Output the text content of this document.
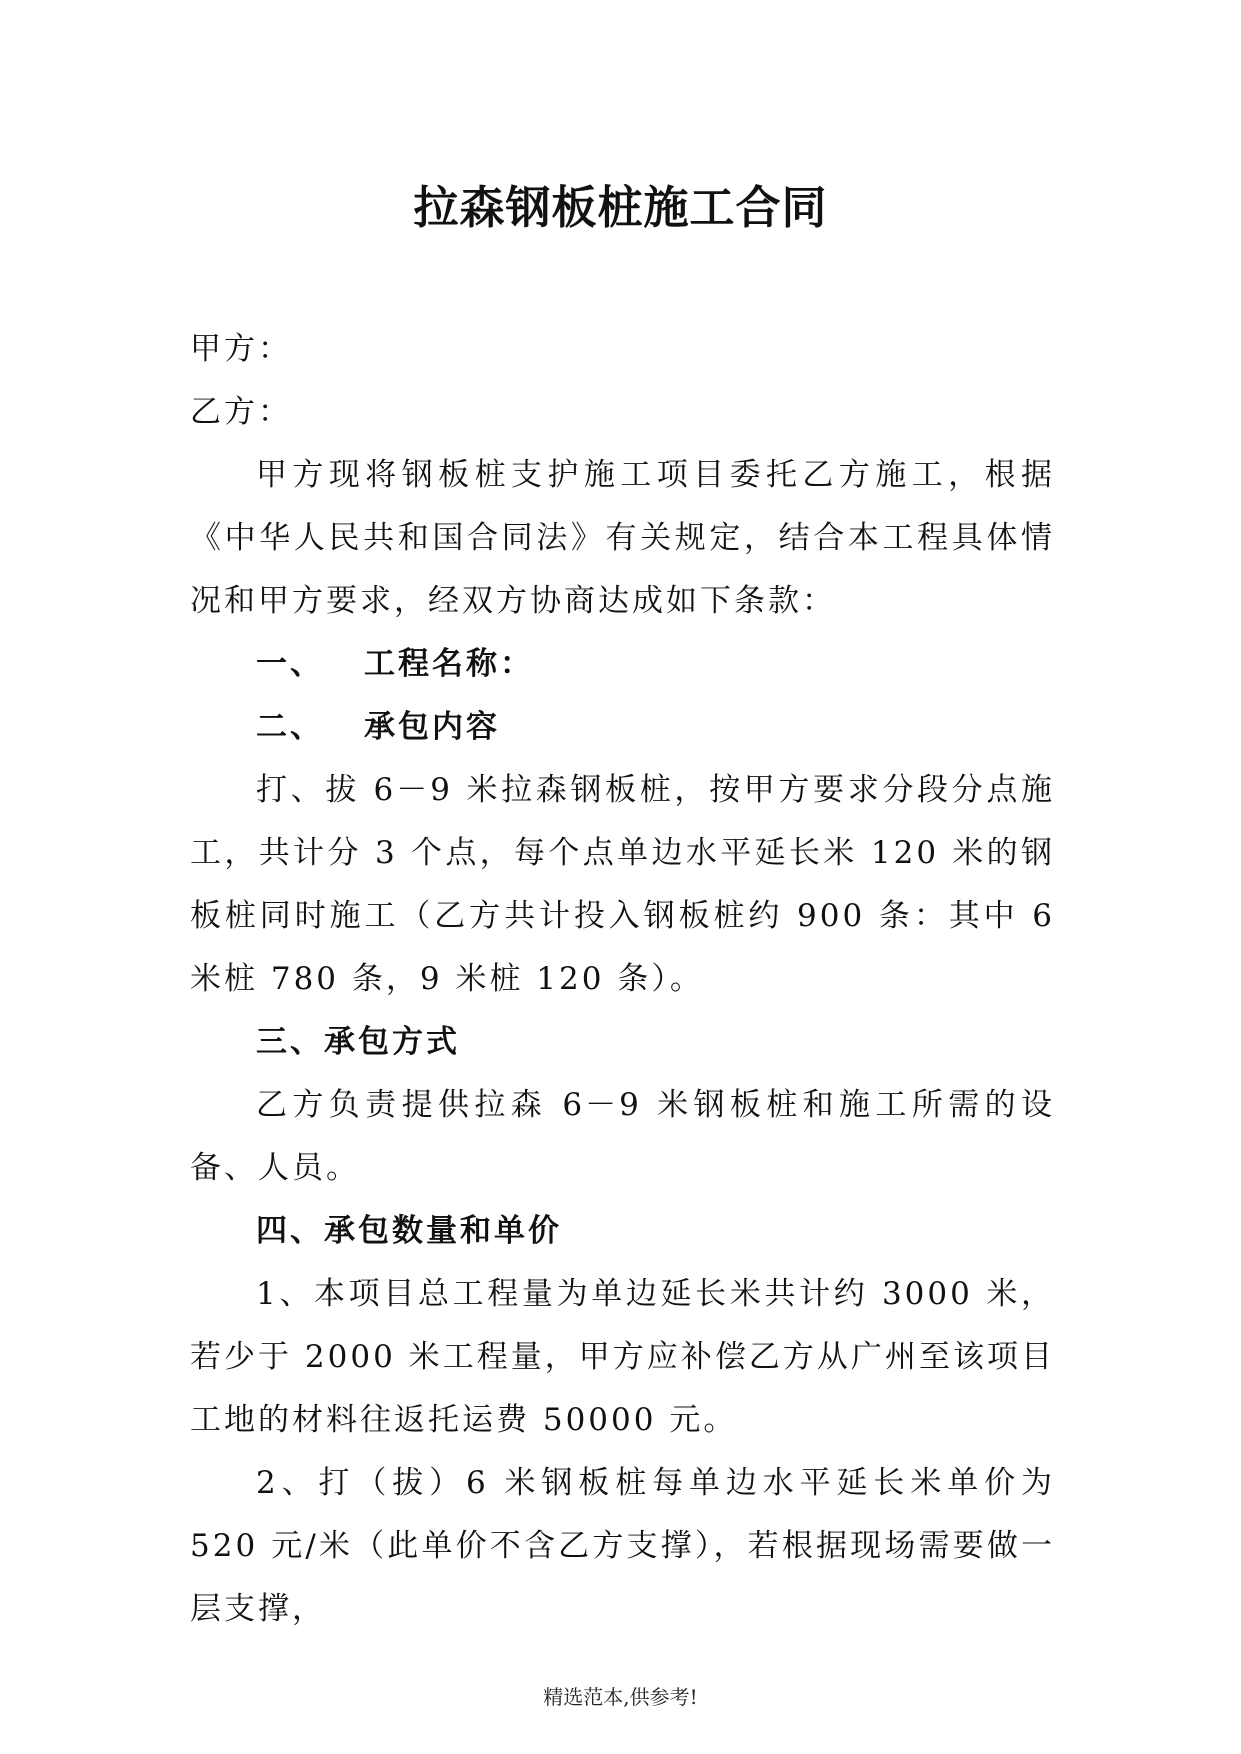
拉森钢板桩施工合同

甲方：

乙方：

甲方现将钢板桩支护施工项目委托乙方施工，根据《中华人民共和国合同法》有关规定，结合本工程具体情况和甲方要求，经双方协商达成如下条款：

一、 工程名称：

二、 承包内容

打、拔 6－9 米拉森钢板桩，按甲方要求分段分点施工，共计分 3 个点，每个点单边水平延长米 120 米的钢板桩同时施工（乙方共计投入钢板桩约 900 条：其中 6 米桩 780 条，9 米桩 120 条）。

三、承包方式

乙方负责提供拉森 6－9 米钢板桩和施工所需的设备、人员。

四、承包数量和单价

1、本项目总工程量为单边延长米共计约 3000 米，若少于 2000 米工程量，甲方应补偿乙方从广州至该项目工地的材料往返托运费 50000 元。

2、打（拔）6 米钢板桩每单边水平延长米单价为 520 元/米（此单价不含乙方支撑），若根据现场需要做一层支撑，

精选范本,供参考!
